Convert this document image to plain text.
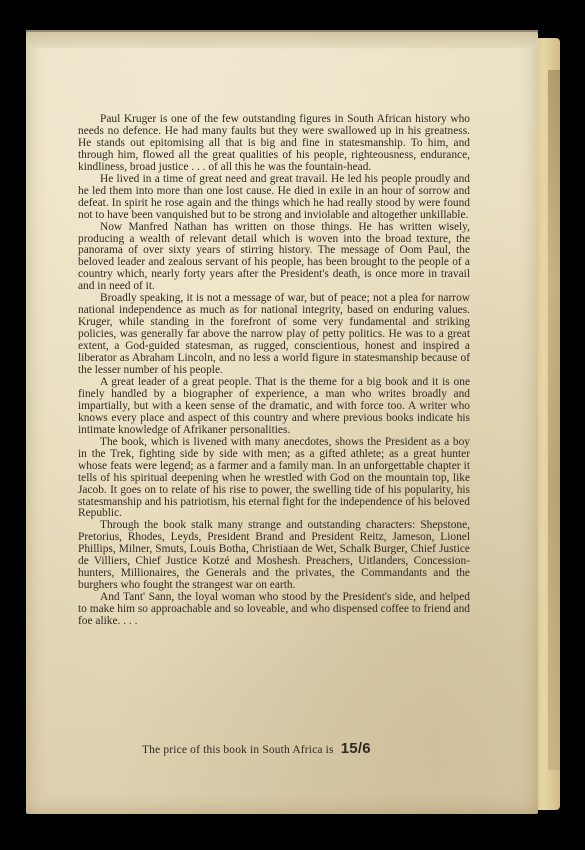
Paul Kruger is one of the few outstanding figures in South African history who needs no defence. He had many faults but they were swallowed up in his greatness. He stands out epitomising all that is big and fine in statesmanship. To him, and through him, flowed all the great qualities of his people, righteousness, endurance, kindliness, broad justice . . . of all this he was the fountain-head.

He lived in a time of great need and great travail. He led his people proudly and he led them into more than one lost cause. He died in exile in an hour of sorrow and defeat. In spirit he rose again and the things which he had really stood by were found not to have been vanquished but to be strong and inviolable and altogether unkillable.

Now Manfred Nathan has written on those things. He has written wisely, producing a wealth of relevant detail which is woven into the broad texture, the panorama of over sixty years of stirring history. The message of Oom Paul, the beloved leader and zealous servant of his people, has been brought to the people of a country which, nearly forty years after the President's death, is once more in travail and in need of it.

Broadly speaking, it is not a message of war, but of peace; not a plea for narrow national independence as much as for national integrity, based on enduring values. Kruger, while standing in the forefront of some very fundamental and striking policies, was generally far above the narrow play of petty politics. He was to a great extent, a God-guided statesman, as rugged, conscientious, honest and inspired a liberator as Abraham Lincoln, and no less a world figure in statesmanship because of the lesser number of his people.

A great leader of a great people. That is the theme for a big book and it is one finely handled by a biographer of experience, a man who writes broadly and impartially, but with a keen sense of the dramatic, and with force too. A writer who knows every place and aspect of this country and where previous books indicate his intimate knowledge of Afrikaner personalities.

The book, which is livened with many anecdotes, shows the President as a boy in the Trek, fighting side by side with men; as a gifted athlete; as a great hunter whose feats were legend; as a farmer and a family man. In an unforgettable chapter it tells of his spiritual deepening when he wrestled with God on the mountain top, like Jacob. It goes on to relate of his rise to power, the swelling tide of his popularity, his statesmanship and his patriotism, his eternal fight for the independence of his beloved Republic.

Through the book stalk many strange and outstanding characters: Shepstone, Pretorius, Rhodes, Leyds, President Brand and President Reitz, Jameson, Lionel Phillips, Milner, Smuts, Louis Botha, Christiaan de Wet, Schalk Burger, Chief Justice de Villiers, Chief Justice Kotzé and Moshesh. Preachers, Uitlanders, Concession-hunters, Millionaires, the Generals and the privates, the Commandants and the burghers who fought the strangest war on earth.

And Tant' Sann, the loyal woman who stood by the President's side, and helped to make him so approachable and so loveable, and who dispensed coffee to friend and foe alike. . . .

The price of this book in South Africa is 15/6
